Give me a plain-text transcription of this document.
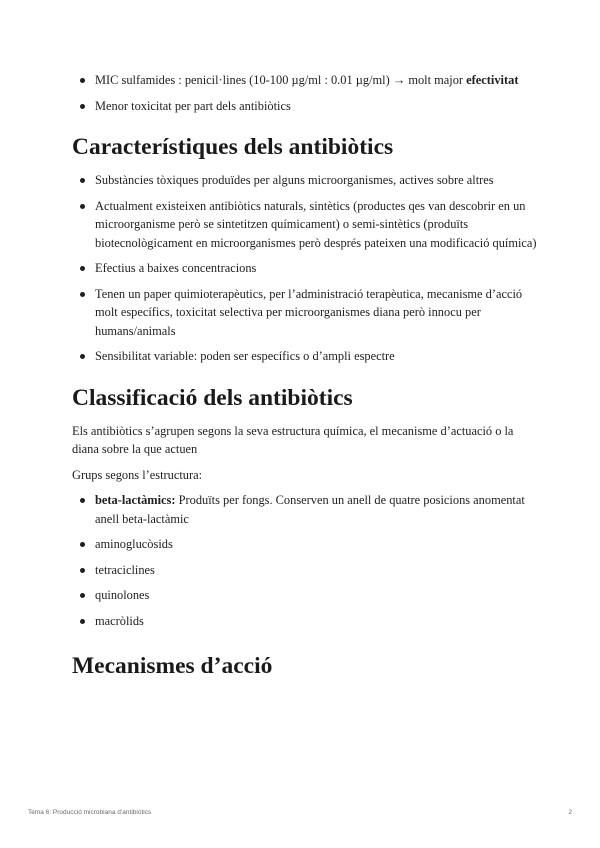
MIC sulfamides : penicil·lines (10-100 µg/ml : 0.01 µg/ml) → molt major efectivitat
Menor toxicitat per part dels antibiòtics
Característiques dels antibiòtics
Substàncies tòxiques produïdes per alguns microorganismes, actives sobre altres
Actualment existeixen antibiòtics naturals, sintètics (productes qes van descobrir en un microorganisme però se sintetitzen químicament) o semi-sintètics (produïts biotecnològicament en microorganismes però després pateixen una modificació química)
Efectius a baixes concentracions
Tenen un paper quimioterapèutics, per l’administració terapèutica, mecanisme d’acció molt específics, toxicitat selectiva per microorganismes diana però innocu per humans/animals
Sensibilitat variable: poden ser específics o d’ampli espectre
Classificació dels antibiòtics

Els antibiòtics s’agrupen segons la seva estructura química, el mecanisme d’actuació o la diana sobre la que actuen

Grups segons l’estructura:

beta-lactàmics: Produïts per fongs. Conserven un anell de quatre posicions anomentat anell beta-lactàmic
aminoglucòsids
tetraciclines
quinolones
macròlids
Mecanismes d’acció
Tema 6: Producció microbiana d’antibiòtics	2
